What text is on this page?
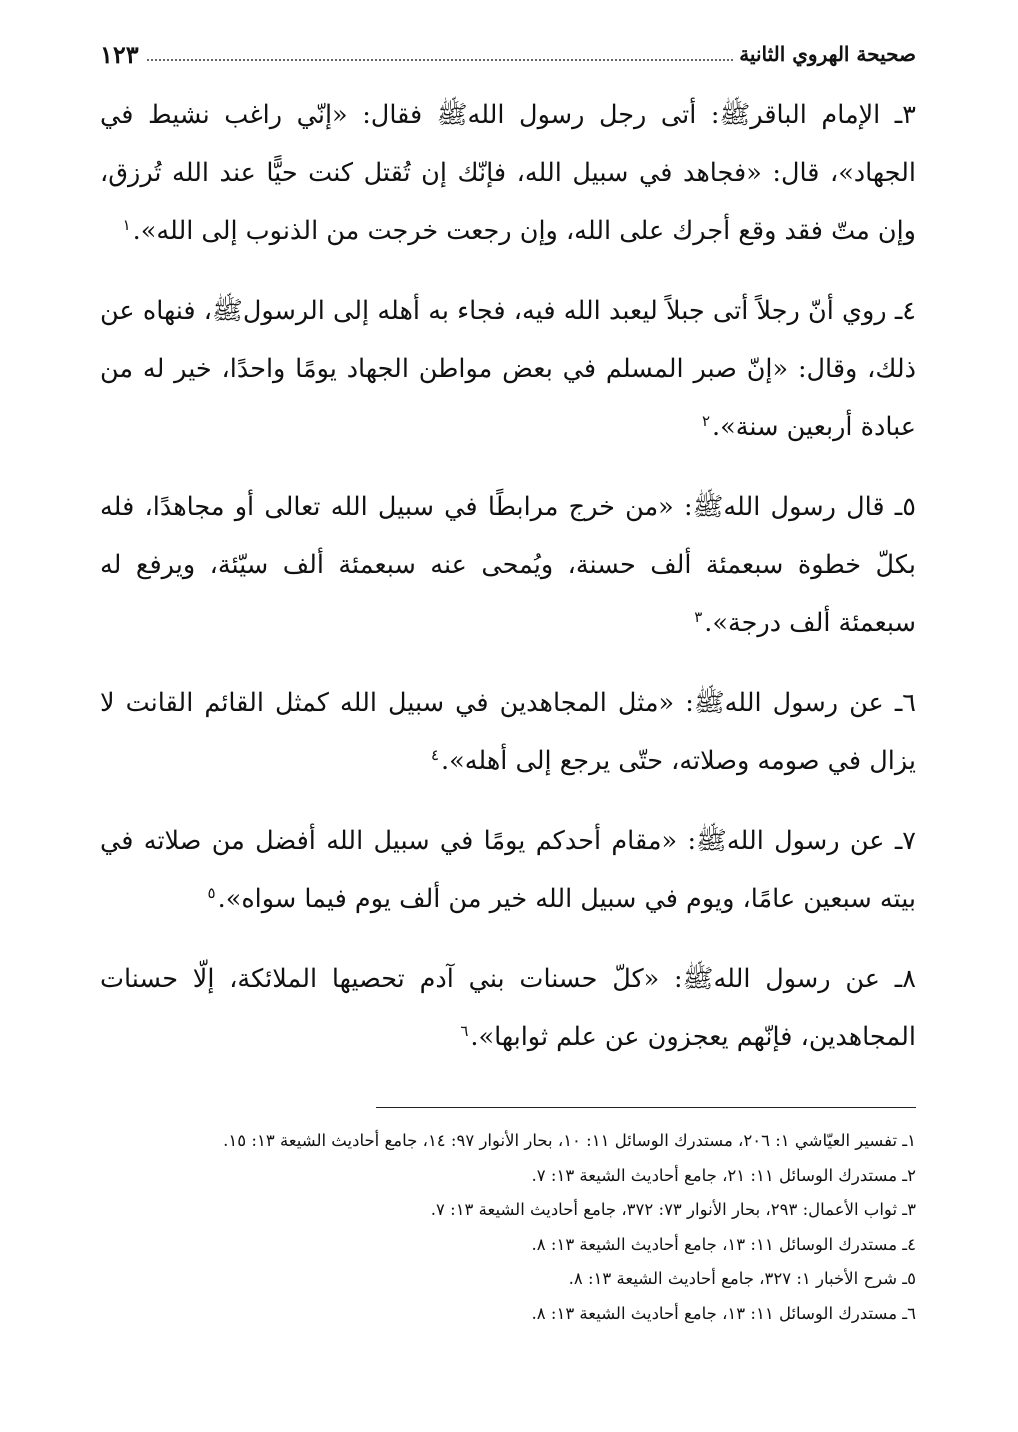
صحيحة الهروي الثانية
١٢٣

٣ـ الإمام الباقرﷺ: أتى رجل رسول اللهﷺ فقال: «إنّي راغب نشيط في الجهاد»، قال: «فجاهد في سبيل الله، فإنّك إن تُقتل كنت حيًّا عند الله تُرزق، وإن متّ فقد وقع أجرك على الله، وإن رجعت خرجت من الذنوب إلى الله».$^١$

٤ـ روي أنّ رجلاً أتى جبلاً ليعبد الله فيه، فجاء به أهله إلى الرسولﷺ، فنهاه عن ذلك، وقال: «إنّ صبر المسلم في بعض مواطن الجهاد يومًا واحدًا، خير له من عبادة أربعين سنة».$^٢$

٥ـ قال رسول اللهﷺ: «من خرج مرابطًا في سبيل الله تعالى أو مجاهدًا، فله بكلّ خطوة سبعمئة ألف حسنة، ويُمحى عنه سبعمئة ألف سيّئة، ويرفع له سبعمئة ألف درجة».$^٣$

٦ـ عن رسول اللهﷺ: «مثل المجاهدين في سبيل الله كمثل القائم القانت لا يزال في صومه وصلاته، حتّى يرجع إلى أهله».$^٤$

٧ـ عن رسول اللهﷺ: «مقام أحدكم يومًا في سبيل الله أفضل من صلاته في بيته سبعين عامًا، ويوم في سبيل الله خير من ألف يوم فيما سواه».$^٥$

٨ـ عن رسول اللهﷺ: «كلّ حسنات بني آدم تحصيها الملائكة، إلّا حسنات المجاهدين، فإنّهم يعجزون عن علم ثوابها».$^٦$

١ـ تفسير العيّاشي ١: ٢٠٦، مستدرك الوسائل ١١: ١٠، بحار الأنوار ٩٧: ١٤، جامع أحاديث الشيعة ١٣: ١٥.
٢ـ مستدرك الوسائل ١١: ٢١، جامع أحاديث الشيعة ١٣: ٧.
٣ـ ثواب الأعمال: ٢٩٣، بحار الأنوار ٧٣: ٣٧٢، جامع أحاديث الشيعة ١٣: ٧.
٤ـ مستدرك الوسائل ١١: ١٣، جامع أحاديث الشيعة ١٣: ٨.
٥ـ شرح الأخبار ١: ٣٢٧، جامع أحاديث الشيعة ١٣: ٨.
٦ـ مستدرك الوسائل ١١: ١٣، جامع أحاديث الشيعة ١٣: ٨.
